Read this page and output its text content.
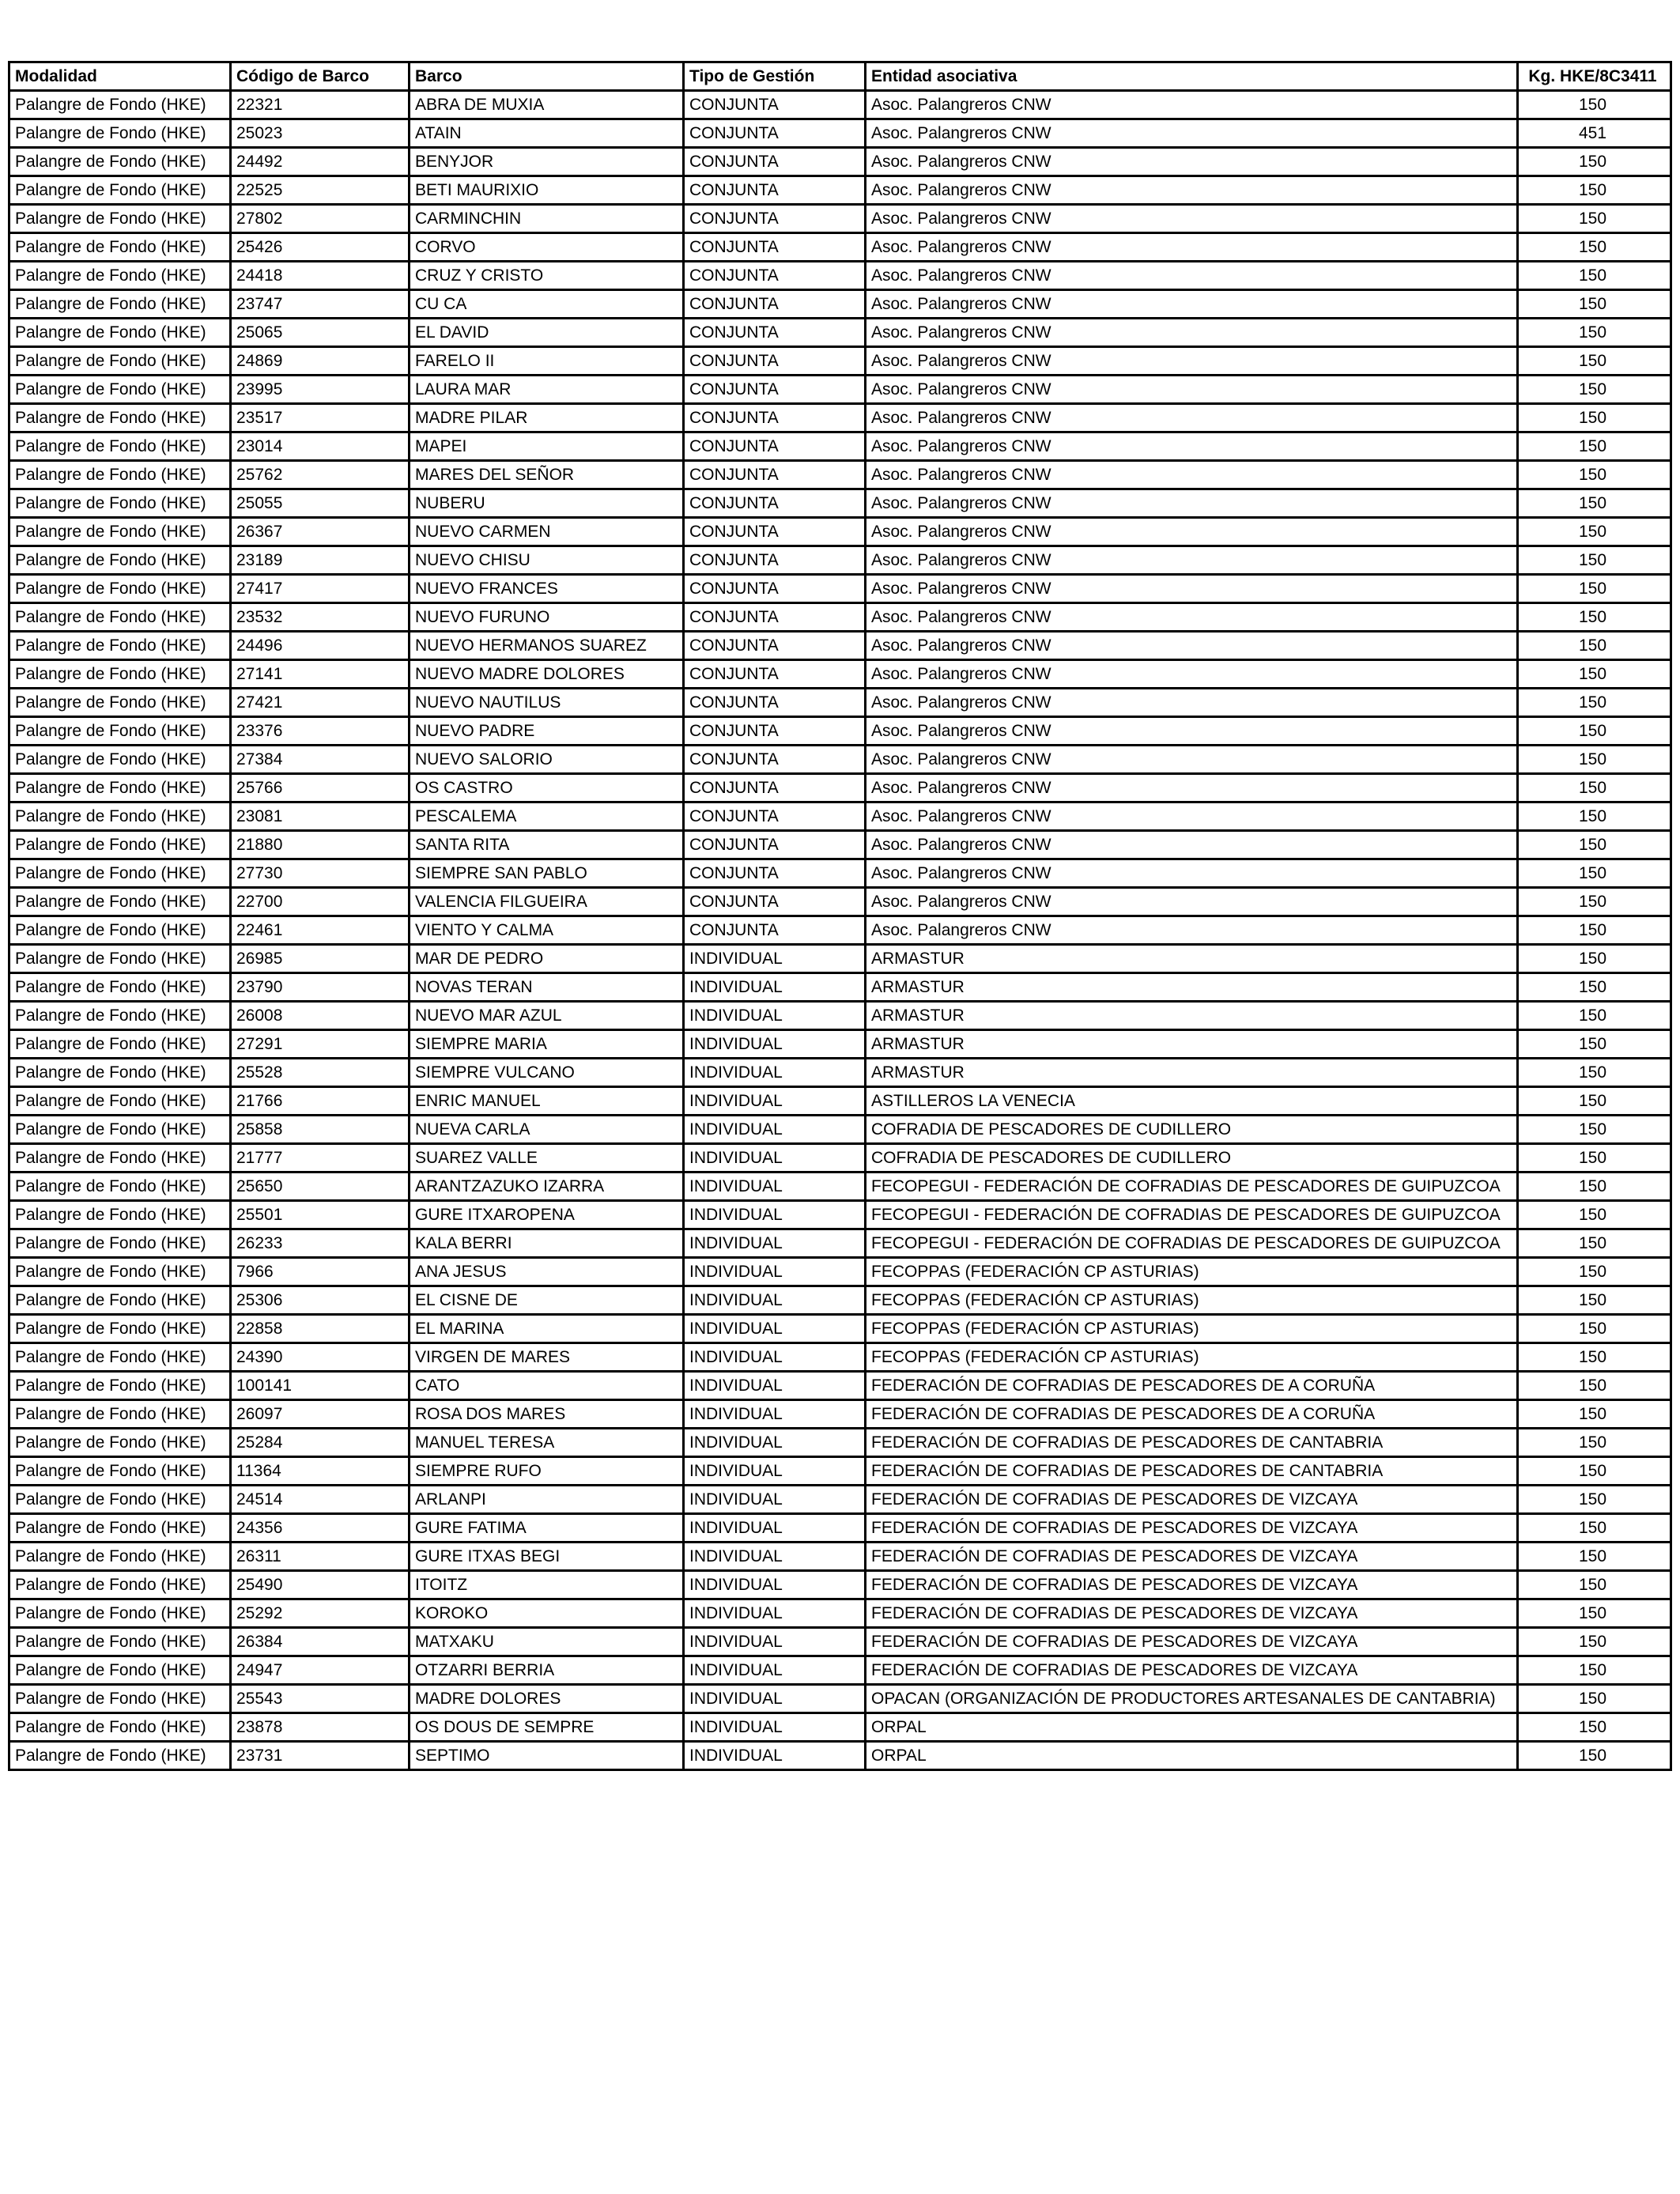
Modalidad	Código de Barco	Barco	Tipo de Gestión	Entidad asociativa	Kg. HKE/8C3411
Palangre de Fondo (HKE)	22321	ABRA DE MUXIA	CONJUNTA	Asoc. Palangreros CNW	150
Palangre de Fondo (HKE)	25023	ATAIN	CONJUNTA	Asoc. Palangreros CNW	451
Palangre de Fondo (HKE)	24492	BENYJOR	CONJUNTA	Asoc. Palangreros CNW	150
Palangre de Fondo (HKE)	22525	BETI MAURIXIO	CONJUNTA	Asoc. Palangreros CNW	150
Palangre de Fondo (HKE)	27802	CARMINCHIN	CONJUNTA	Asoc. Palangreros CNW	150
Palangre de Fondo (HKE)	25426	CORVO	CONJUNTA	Asoc. Palangreros CNW	150
Palangre de Fondo (HKE)	24418	CRUZ Y CRISTO	CONJUNTA	Asoc. Palangreros CNW	150
Palangre de Fondo (HKE)	23747	CU CA	CONJUNTA	Asoc. Palangreros CNW	150
Palangre de Fondo (HKE)	25065	EL DAVID	CONJUNTA	Asoc. Palangreros CNW	150
Palangre de Fondo (HKE)	24869	FARELO II	CONJUNTA	Asoc. Palangreros CNW	150
Palangre de Fondo (HKE)	23995	LAURA MAR	CONJUNTA	Asoc. Palangreros CNW	150
Palangre de Fondo (HKE)	23517	MADRE PILAR	CONJUNTA	Asoc. Palangreros CNW	150
Palangre de Fondo (HKE)	23014	MAPEI	CONJUNTA	Asoc. Palangreros CNW	150
Palangre de Fondo (HKE)	25762	MARES DEL SEÑOR	CONJUNTA	Asoc. Palangreros CNW	150
Palangre de Fondo (HKE)	25055	NUBERU	CONJUNTA	Asoc. Palangreros CNW	150
Palangre de Fondo (HKE)	26367	NUEVO CARMEN	CONJUNTA	Asoc. Palangreros CNW	150
Palangre de Fondo (HKE)	23189	NUEVO CHISU	CONJUNTA	Asoc. Palangreros CNW	150
Palangre de Fondo (HKE)	27417	NUEVO FRANCES	CONJUNTA	Asoc. Palangreros CNW	150
Palangre de Fondo (HKE)	23532	NUEVO FURUNO	CONJUNTA	Asoc. Palangreros CNW	150
Palangre de Fondo (HKE)	24496	NUEVO HERMANOS SUAREZ	CONJUNTA	Asoc. Palangreros CNW	150
Palangre de Fondo (HKE)	27141	NUEVO MADRE DOLORES	CONJUNTA	Asoc. Palangreros CNW	150
Palangre de Fondo (HKE)	27421	NUEVO NAUTILUS	CONJUNTA	Asoc. Palangreros CNW	150
Palangre de Fondo (HKE)	23376	NUEVO PADRE	CONJUNTA	Asoc. Palangreros CNW	150
Palangre de Fondo (HKE)	27384	NUEVO SALORIO	CONJUNTA	Asoc. Palangreros CNW	150
Palangre de Fondo (HKE)	25766	OS CASTRO	CONJUNTA	Asoc. Palangreros CNW	150
Palangre de Fondo (HKE)	23081	PESCALEMA	CONJUNTA	Asoc. Palangreros CNW	150
Palangre de Fondo (HKE)	21880	SANTA RITA	CONJUNTA	Asoc. Palangreros CNW	150
Palangre de Fondo (HKE)	27730	SIEMPRE SAN PABLO	CONJUNTA	Asoc. Palangreros CNW	150
Palangre de Fondo (HKE)	22700	VALENCIA FILGUEIRA	CONJUNTA	Asoc. Palangreros CNW	150
Palangre de Fondo (HKE)	22461	VIENTO Y CALMA	CONJUNTA	Asoc. Palangreros CNW	150
Palangre de Fondo (HKE)	26985	MAR DE PEDRO	INDIVIDUAL	ARMASTUR	150
Palangre de Fondo (HKE)	23790	NOVAS TERAN	INDIVIDUAL	ARMASTUR	150
Palangre de Fondo (HKE)	26008	NUEVO MAR AZUL	INDIVIDUAL	ARMASTUR	150
Palangre de Fondo (HKE)	27291	SIEMPRE MARIA	INDIVIDUAL	ARMASTUR	150
Palangre de Fondo (HKE)	25528	SIEMPRE VULCANO	INDIVIDUAL	ARMASTUR	150
Palangre de Fondo (HKE)	21766	ENRIC MANUEL	INDIVIDUAL	ASTILLEROS LA VENECIA	150
Palangre de Fondo (HKE)	25858	NUEVA CARLA	INDIVIDUAL	COFRADIA DE PESCADORES DE CUDILLERO	150
Palangre de Fondo (HKE)	21777	SUAREZ VALLE	INDIVIDUAL	COFRADIA DE PESCADORES DE CUDILLERO	150
Palangre de Fondo (HKE)	25650	ARANTZAZUKO IZARRA	INDIVIDUAL	FECOPEGUI - FEDERACIÓN DE COFRADIAS DE PESCADORES DE GUIPUZCOA	150
Palangre de Fondo (HKE)	25501	GURE ITXAROPENA	INDIVIDUAL	FECOPEGUI - FEDERACIÓN DE COFRADIAS DE PESCADORES DE GUIPUZCOA	150
Palangre de Fondo (HKE)	26233	KALA BERRI	INDIVIDUAL	FECOPEGUI - FEDERACIÓN DE COFRADIAS DE PESCADORES DE GUIPUZCOA	150
Palangre de Fondo (HKE)	7966	ANA JESUS	INDIVIDUAL	FECOPPAS (FEDERACIÓN CP ASTURIAS)	150
Palangre de Fondo (HKE)	25306	EL CISNE DE	INDIVIDUAL	FECOPPAS (FEDERACIÓN CP ASTURIAS)	150
Palangre de Fondo (HKE)	22858	EL MARINA	INDIVIDUAL	FECOPPAS (FEDERACIÓN CP ASTURIAS)	150
Palangre de Fondo (HKE)	24390	VIRGEN DE MARES	INDIVIDUAL	FECOPPAS (FEDERACIÓN CP ASTURIAS)	150
Palangre de Fondo (HKE)	100141	CATO	INDIVIDUAL	FEDERACIÓN DE COFRADIAS DE PESCADORES DE A CORUÑA	150
Palangre de Fondo (HKE)	26097	ROSA DOS MARES	INDIVIDUAL	FEDERACIÓN DE COFRADIAS DE PESCADORES DE A CORUÑA	150
Palangre de Fondo (HKE)	25284	MANUEL TERESA	INDIVIDUAL	FEDERACIÓN DE COFRADIAS DE PESCADORES DE CANTABRIA	150
Palangre de Fondo (HKE)	11364	SIEMPRE RUFO	INDIVIDUAL	FEDERACIÓN DE COFRADIAS DE PESCADORES DE CANTABRIA	150
Palangre de Fondo (HKE)	24514	ARLANPI	INDIVIDUAL	FEDERACIÓN DE COFRADIAS DE PESCADORES DE VIZCAYA	150
Palangre de Fondo (HKE)	24356	GURE FATIMA	INDIVIDUAL	FEDERACIÓN DE COFRADIAS DE PESCADORES DE VIZCAYA	150
Palangre de Fondo (HKE)	26311	GURE ITXAS BEGI	INDIVIDUAL	FEDERACIÓN DE COFRADIAS DE PESCADORES DE VIZCAYA	150
Palangre de Fondo (HKE)	25490	ITOITZ	INDIVIDUAL	FEDERACIÓN DE COFRADIAS DE PESCADORES DE VIZCAYA	150
Palangre de Fondo (HKE)	25292	KOROKO	INDIVIDUAL	FEDERACIÓN DE COFRADIAS DE PESCADORES DE VIZCAYA	150
Palangre de Fondo (HKE)	26384	MATXAKU	INDIVIDUAL	FEDERACIÓN DE COFRADIAS DE PESCADORES DE VIZCAYA	150
Palangre de Fondo (HKE)	24947	OTZARRI BERRIA	INDIVIDUAL	FEDERACIÓN DE COFRADIAS DE PESCADORES DE VIZCAYA	150
Palangre de Fondo (HKE)	25543	MADRE DOLORES	INDIVIDUAL	OPACAN (ORGANIZACIÓN DE PRODUCTORES ARTESANALES DE CANTABRIA)	150
Palangre de Fondo (HKE)	23878	OS DOUS DE SEMPRE	INDIVIDUAL	ORPAL	150
Palangre de Fondo (HKE)	23731	SEPTIMO	INDIVIDUAL	ORPAL	150
